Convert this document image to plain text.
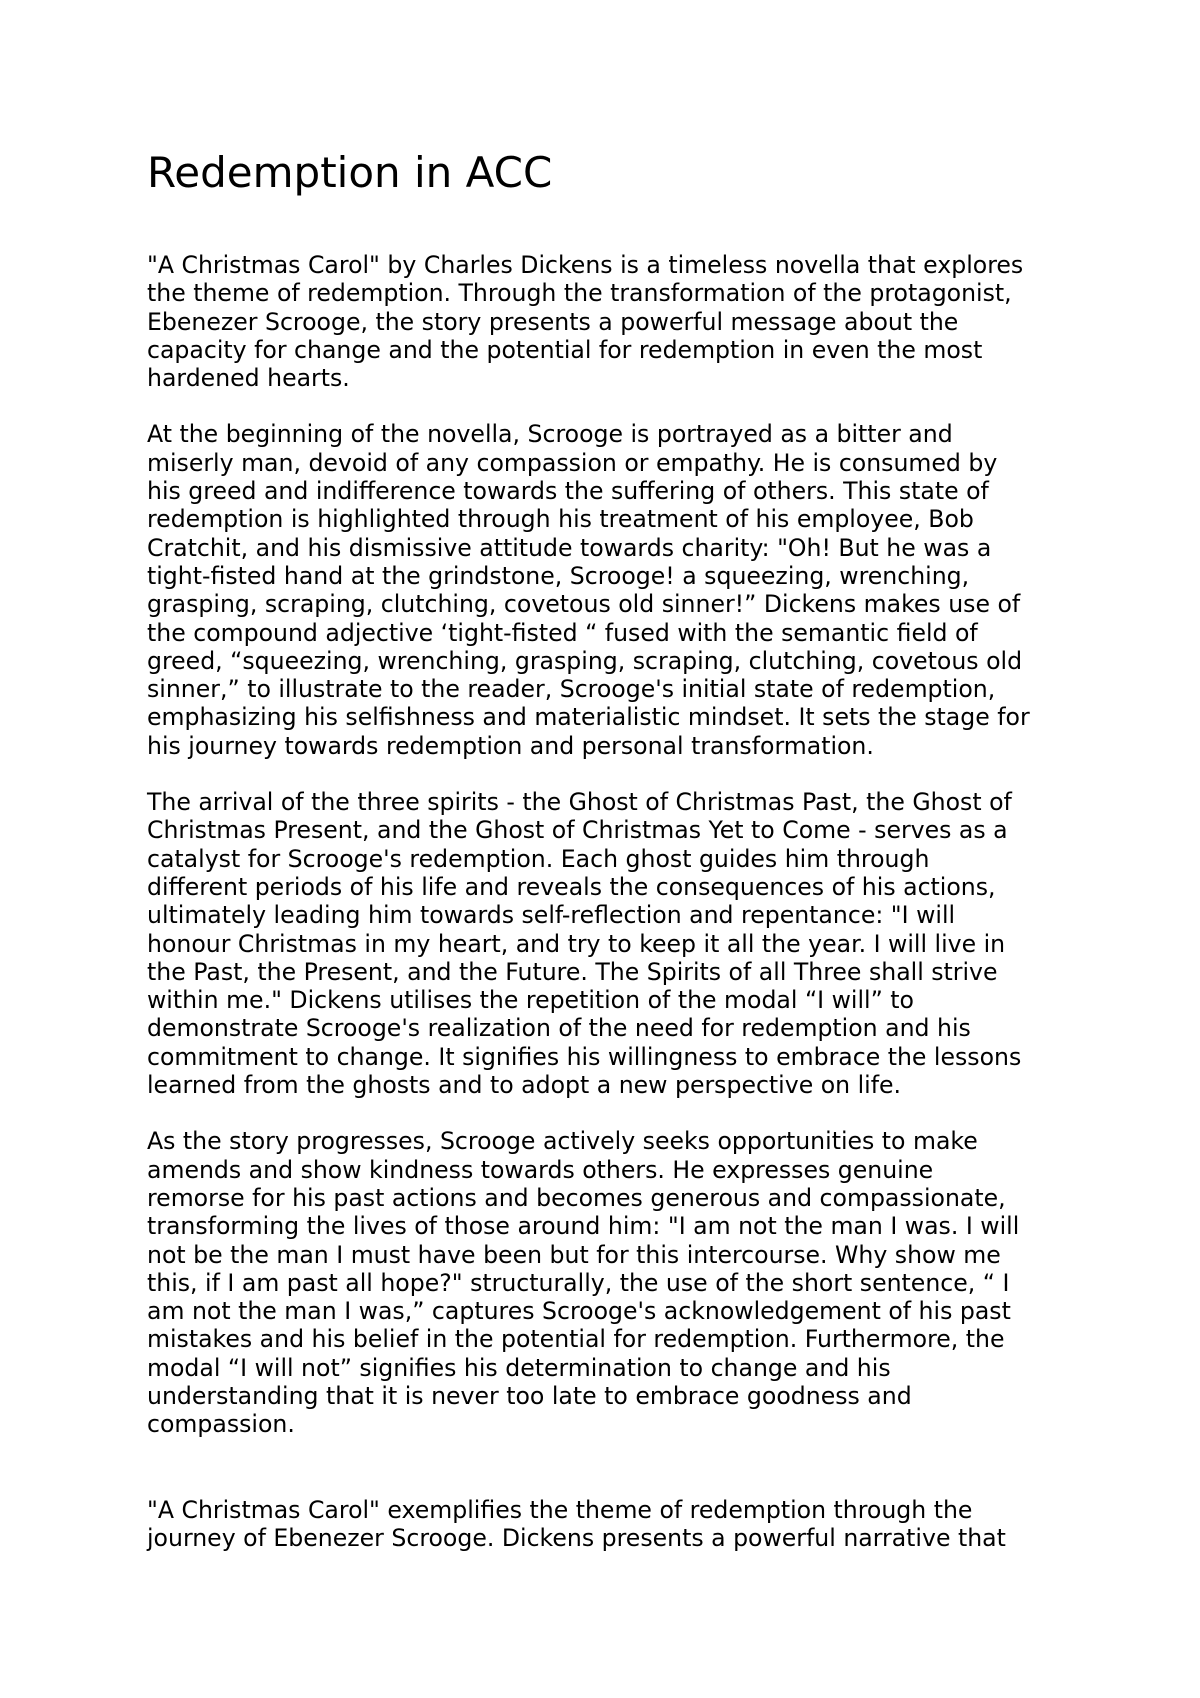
Redemption in ACC

"A Christmas Carol" by Charles Dickens is a timeless novella that explores
the theme of redemption. Through the transformation of the protagonist,
Ebenezer Scrooge, the story presents a powerful message about the
capacity for change and the potential for redemption in even the most
hardened hearts.

At the beginning of the novella, Scrooge is portrayed as a bitter and
miserly man, devoid of any compassion or empathy. He is consumed by
his greed and indifference towards the suffering of others. This state of
redemption is highlighted through his treatment of his employee, Bob
Cratchit, and his dismissive attitude towards charity: "Oh! But he was a
tight-fisted hand at the grindstone, Scrooge! a squeezing, wrenching,
grasping, scraping, clutching, covetous old sinner!” Dickens makes use of
the compound adjective ‘tight-fisted “ fused with the semantic field of
greed, “squeezing, wrenching, grasping, scraping, clutching, covetous old
sinner,” to illustrate to the reader, Scrooge's initial state of redemption,
emphasizing his selfishness and materialistic mindset. It sets the stage for
his journey towards redemption and personal transformation.

The arrival of the three spirits - the Ghost of Christmas Past, the Ghost of
Christmas Present, and the Ghost of Christmas Yet to Come - serves as a
catalyst for Scrooge's redemption. Each ghost guides him through
different periods of his life and reveals the consequences of his actions,
ultimately leading him towards self-reflection and repentance: "I will
honour Christmas in my heart, and try to keep it all the year. I will live in
the Past, the Present, and the Future. The Spirits of all Three shall strive
within me." Dickens utilises the repetition of the modal “I will” to
demonstrate Scrooge's realization of the need for redemption and his
commitment to change. It signifies his willingness to embrace the lessons
learned from the ghosts and to adopt a new perspective on life.

As the story progresses, Scrooge actively seeks opportunities to make
amends and show kindness towards others. He expresses genuine
remorse for his past actions and becomes generous and compassionate,
transforming the lives of those around him: "I am not the man I was. I will
not be the man I must have been but for this intercourse. Why show me
this, if I am past all hope?" structurally, the use of the short sentence, “ I
am not the man I was,” captures Scrooge's acknowledgement of his past
mistakes and his belief in the potential for redemption. Furthermore, the
modal “I will not” signifies his determination to change and his
understanding that it is never too late to embrace goodness and
compassion.

"A Christmas Carol" exemplifies the theme of redemption through the
journey of Ebenezer Scrooge. Dickens presents a powerful narrative that
